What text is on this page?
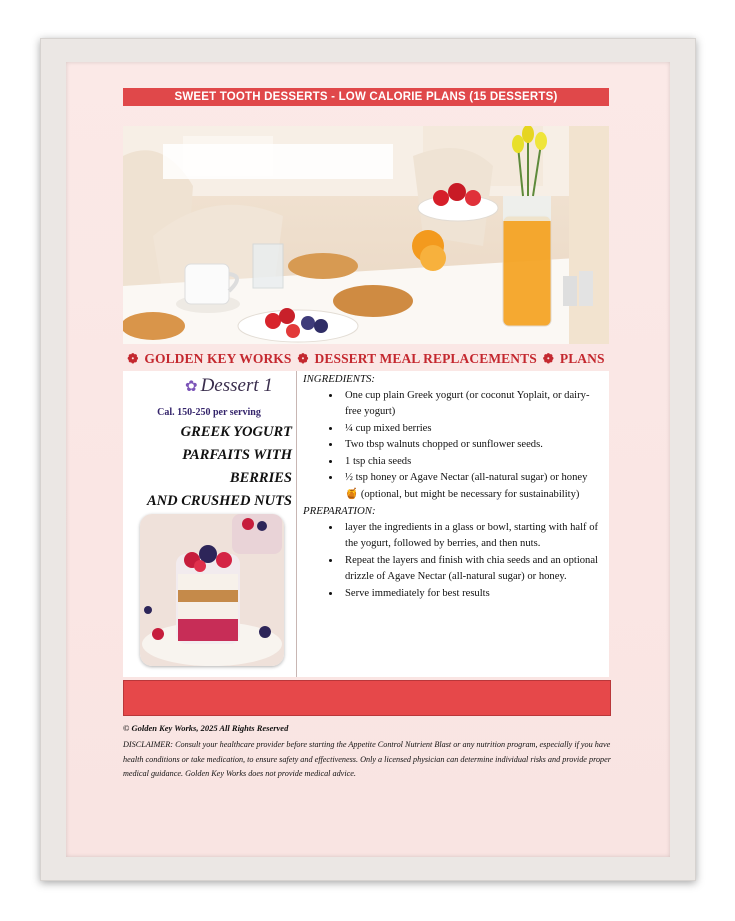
SWEET TOOTH DESSERTS - LOW CALORIE PLANS (15 DESSERTS)
❁ GOLDEN KEY WORKS ❁ DESSERT MEAL REPLACEMENTS ❁ PLANS
✿ Dessert 1
Cal. 150-250 per serving
GREEK YOGURT
PARFAITS WITH
BERRIES
AND CRUSHED NUTS
INGREDIENTS:
• One cup plain Greek yogurt (or coconut Yoplait, or dairy-free yogurt)
• ¼ cup mixed berries
• Two tbsp walnuts chopped or sunflower seeds.
• 1 tsp chia seeds
• ½ tsp honey or Agave Nectar (all-natural sugar) or honey 🍯 (optional, but might be necessary for sustainability)
PREPARATION:
• layer the ingredients in a glass or bowl, starting with half of the yogurt, followed by berries, and then nuts.
• Repeat the layers and finish with chia seeds and an optional drizzle of Agave Nectar (all-natural sugar) or honey.
• Serve immediately for best results
© Golden Key Works, 2025 All Rights Reserved
DISCLAIMER: Consult your healthcare provider before starting the Appetite Control Nutrient Blast or any nutrition program, especially if you have health conditions or take medication, to ensure safety and effectiveness. Only a licensed physician can determine individual risks and provide proper medical guidance. Golden Key Works does not provide medical advice.
